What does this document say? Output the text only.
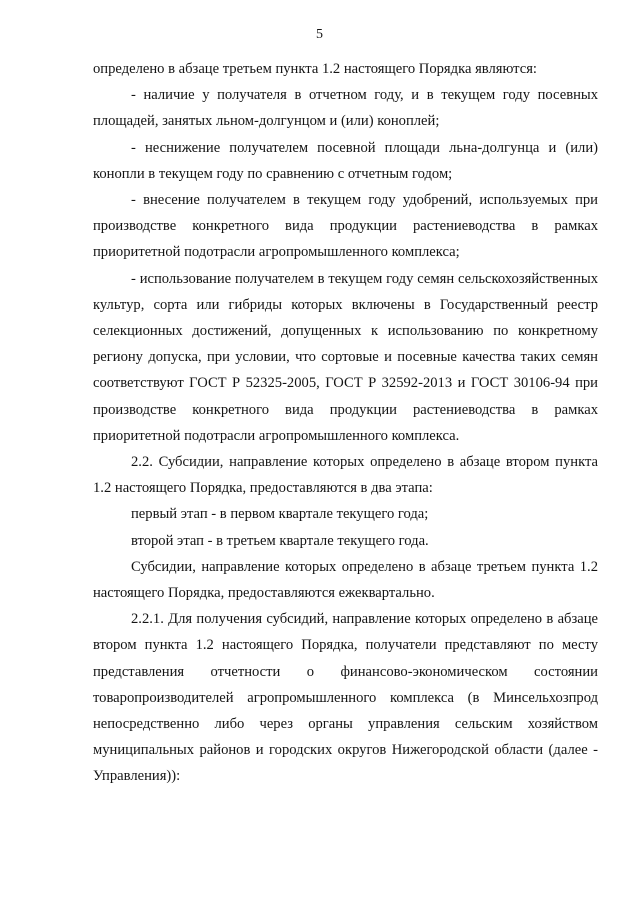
5

определено в абзаце третьем пункта 1.2 настоящего Порядка являются:

- наличие у получателя в отчетном году, и в текущем году посевных площадей, занятых льном-долгунцом и (или) коноплей;

- неснижение получателем посевной площади льна-долгунца и (или) конопли в текущем году по сравнению с отчетным годом;

- внесение получателем в текущем году удобрений, используемых при производстве конкретного вида продукции растениеводства в рамках приоритетной подотрасли агропромышленного комплекса;

- использование получателем в текущем году семян сельскохозяйственных культур, сорта или гибриды которых включены в Государственный реестр селекционных достижений, допущенных к использованию по конкретному региону допуска, при условии, что сортовые и посевные качества таких семян соответствуют ГОСТ Р 52325-2005, ГОСТ Р 32592-2013 и ГОСТ 30106-94 при производстве конкретного вида продукции растениеводства в рамках приоритетной подотрасли агропромышленного комплекса.

2.2. Субсидии, направление которых определено в абзаце втором пункта 1.2 настоящего Порядка, предоставляются в два этапа:

первый этап - в первом квартале текущего года;

второй этап - в третьем квартале текущего года.

Субсидии, направление которых определено в абзаце третьем пункта 1.2 настоящего Порядка, предоставляются ежеквартально.

2.2.1. Для получения субсидий, направление которых определено в абзаце втором пункта 1.2 настоящего Порядка, получатели представляют по месту представления отчетности о финансово-экономическом состоянии товаропроизводителей агропромышленного комплекса (в Минсельхозпрод непосредственно либо через органы управления сельским хозяйством муниципальных районов и городских округов Нижегородской области (далее - Управления)):
